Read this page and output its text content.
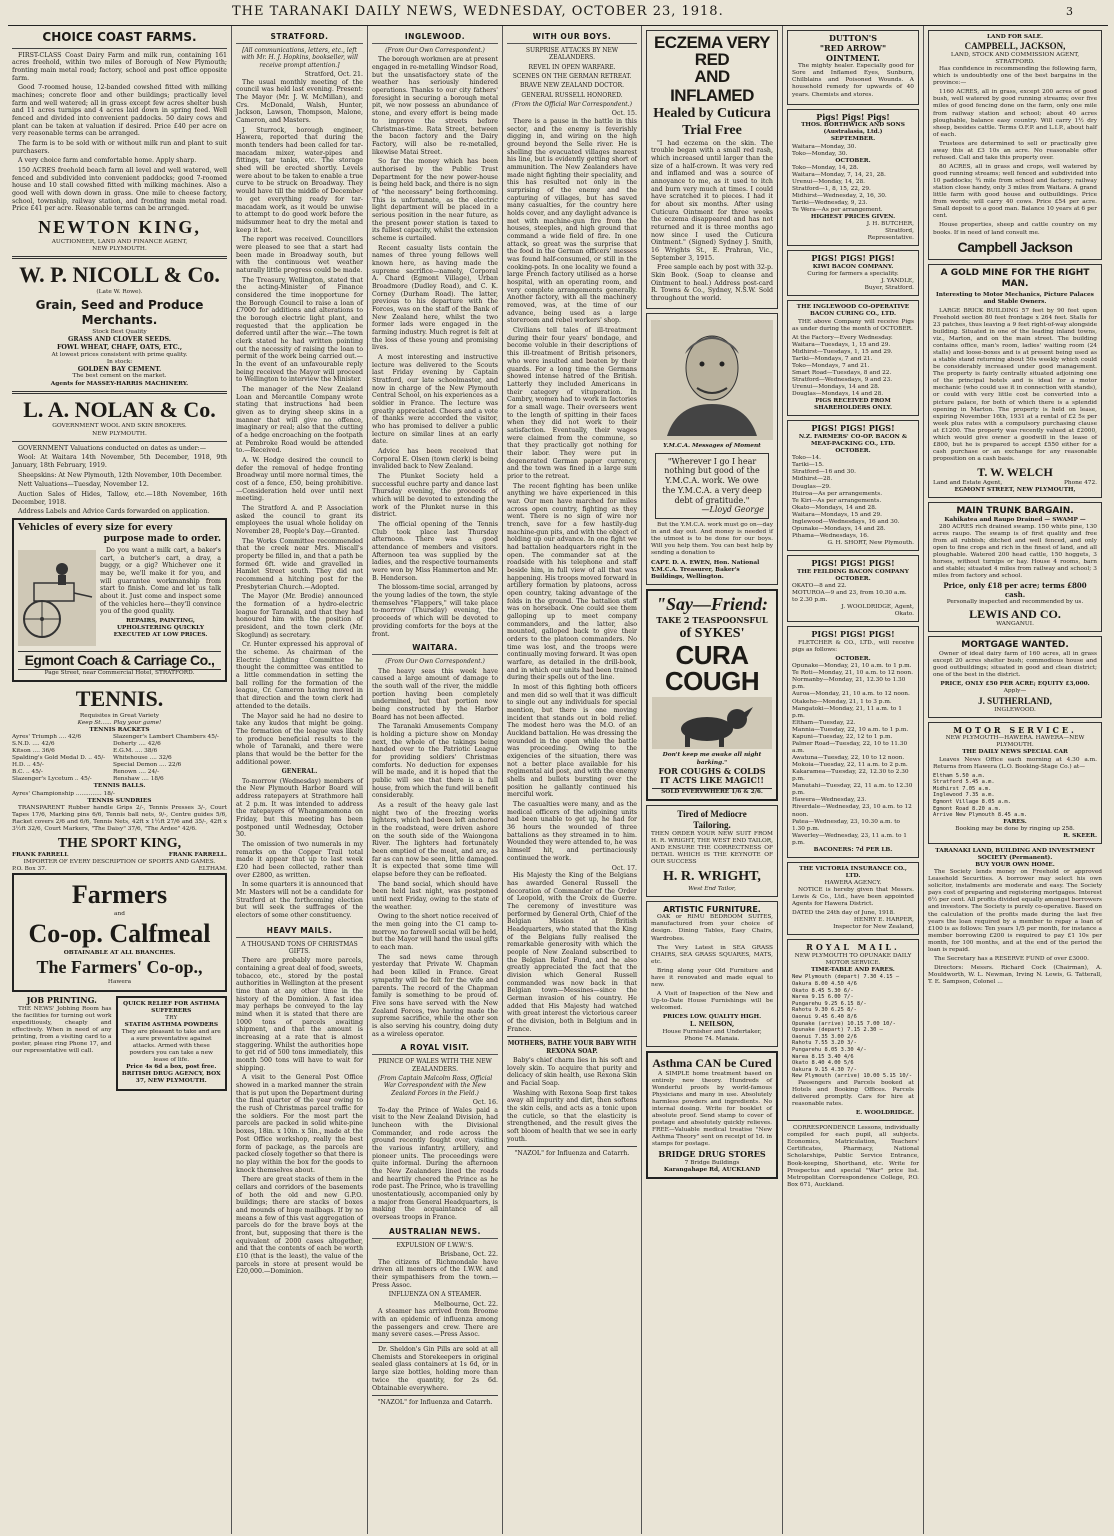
THE TARANAKI DAILY NEWS, WEDNESDAY, OCTOBER 23, 1918.	3
CHOICE COAST FARMS.

FIRST-CLASS Coast Dairy Farm and milk run, containing 161 acres freehold, within two miles of Borough of New Plymouth; fronting main metal road; factory, school and post office opposite farm.

Good 7-roomed house, 12-banded cowshed fitted with milking machines; concrete floor and other buildings; practically level farm and well watered; all in grass except few acres shelter bush and 11 acres turnips and 4 acres laid down in spring feed. Well fenced and divided into convenient paddocks. 50 dairy cows and plant can be taken at valuation if desired. Price £40 per acre on very reasonable terms can be arranged.

The farm is to be sold with or without milk run and plant to suit purchasers.

A very choice farm and comfortable home. Apply sharp.

150 ACRES freehold beach farm all level and well watered, well fenced and subdivided into convenient paddocks; good 7-roomed house and 10 stall cowshed fitted with milking machines. Also a good well with down down in grass. One mile to cheese factory, school, township, railway station, and fronting main metal road. Price £41 per acre. Reasonable terms can be arranged.

NEWTON KING,
AUCTIONEER, LAND AND FINANCE AGENT,
NEW PLYMOUTH.
W. P. NICOLL & Co.
(Late W. Rowe).
Grain, Seed and Produce Merchants.
Stock Best Quality
GRASS AND CLOVER SEEDS.
FOWL WHEAT, CHAFF, OATS, ETC.,
At lowest prices consistent with prime quality.
In stock:
GOLDEN BAY CEMENT.
The best cement on the market.
Agents for MASSEY-HARRIS MACHINERY.
L. A. NOLAN & Co.
GOVERNMENT WOOL AND SKIN BROKERS.
NEW PLYMOUTH.

GOVERNMENT Valuations conducted on dates as under:—

Wool: At Waitara 14th November, 5th December, 1918, 9th January, 18th February, 1919.

Sheepskins: At New Plymouth, 12th November, 10th December.

Nett Valuations—Tuesday, November 12.

Auction Sales of Hides, Tallow, etc.—18th November, 16th December, 1918.

Address Labels and Advice Cards forwarded on application.

Vehicles of every size for every
purpose made to order.

Do you want a milk cart, a baker's cart, a butcher's cart, a dray, a buggy, or a gig? Whichever one it may be, we'll make it for you, and will guarantee workmanship from start to finish. Come and let us talk about it. Just come and inspect some of the vehicles here—they'll convince you of the good quality.

REPAIRS, PAINTING, UPHOLSTERING QUICKLY EXECUTED AT LOW PRICES.
Egmont Coach & Carriage Co.,
Page Street, near Commercial Hotel, STRATFORD.
TENNIS.
Requisites in Great Variety
Keep St...... Play your game!
TENNIS RACKETS
Ayres' Triumph .... 42/6
S.N.D. .... 42/6
Kitson .... 36/6
Spalding's Gold Medal D. .. 45/-
H.D. .. 45/-
B.C. .. 45/-
Slazenger's Lycetum .. 45/-
Slazenger's Lambert Chambers 45/-
Doherty .... 42/6
E.G.M. .... 38/6
Whitehouse .... 32/6
Special Demon .... 22/6
Renown .... 24/-
Renshaw .... 18/6
TENNIS BALLS.
Ayres' Championship .............. 18/-
TENNIS SUNDRIES

TRANSPARENT Rubber handle Grips 2/-, Tennis Presses 3/-, Court Tapes 17/6, Marking pins 6/6, Tennis ball nets, 9/-, Centre guides 5/6, Racket covers 2/6 and 6/6, Tennis Nets, 42ft x 1½ft 27/6 and 35/-, 42ft x 3½ft 32/6, Court Markers, "The Daisy" 37/6, "The Ardee" 42/6.

THE SPORT KING,
FRANK FARRELL	FRANK FARRELL.
IMPORTER OF EVERY DESCRIPTION OF SPORTS AND GAMES.
P.O. Box 37.	ELTHAM.
Farmers
and
Co-op. Calfmeal
OBTAINABLE AT ALL BRANCHES.
The Farmers' Co-op.,
Hawera
JOB PRINTING.

THE NEWS' Jobbing Room has the facilities for turning out work expeditiously, cheaply and effectively. When in need of any printing, from a visiting card to a poster, please ring Phone 17, and our representative will call.

QUICK RELIEF FOR ASTHMA SUFFERERS
TRY
STATIM ASTHMA POWDERS
They are pleasant to take and are a sure preventative against attacks. Armed with these powders you can take a new lease of life.
Price 4s 6d a box, post free.
BRITISH DRUG AGENCY, BOX 37, NEW PLYMOUTH.
STRATFORD.
[All communications, letters, etc., left with Mr. H. J. Hopkins, bookseller, will receive prompt attention.]
Stratford, Oct. 21.

The usual monthly meeting of the council was held last evening. Present: The Mayor (Mr. J. W. McMillan), and Crs. McDonald, Walsh, Hunter, Jackson, Lawson, Thompson, Malone, Cameron, and Masters.

J. Sturrock, borough engineer, Hawera, reported that during the month tenders had been called for tar-macadam mixer, water-pipes and fittings, tar tanks, etc. The storage shed will be erected shortly. Levels were about to be taken to enable a true curve to be struck on Broadway. They would have till the middle of December to get everything ready for tar-macadam work, as it would be unwise to attempt to do good work before the midsummer heat to dry the metal and keep it hot.

The report was received. Councillors were pleased to see that a start had been made in Broadway south, but with the continuous wet weather naturally little progress could be made.

The Treasury, Wellington, stated that the acting-Minister of Finance considered the time inopportune for the Borough Council to raise a loan of £7000 for additions and alterations to the borough electric light plant, and requested that the application be deferred until after the war.—The town clerk stated he had written pointing out the necessity of raising the loan to permit of the work being carried out.—In the event of an unfavourable reply being received the Mayor will proceed to Wellington to interview the Minister.

The manager of the New Zealand Loan and Mercantile Company wrote stating that instructions had been given as to drying sheep skins in a manner that will give no offence, imaginary or real; also that the cutting of a hedge encroaching on the footpath at Pembroke Road would be attended to.—Received.

A. W. Hodge desired the council to defer the removal of hedge fronting Broadway until more normal times, the cost of a fence, £50, being prohibitive.—Consideration held over until next meeting.

The Stratford A. and P. Association asked the council to grant its employees the usual whole holiday on November 28, People's Day.—Granted.

The Works Committee recommended that the creek near Mrs. Miscall's property be filled in, and that a path be formed 6ft. wide and gravelled in Hamlet Street south. They did not recommend a hitching post for the Presbyterian Church.—Adopted.

The Mayor (Mr. Brodie) announced the formation of a hydro-electric league for Taranaki, and that they had honoured him with the position of president, and the town clerk (Mr. Skoglund) as secretary.

Cr. Hunter expressed his approval of the scheme. As chairman of the Electric Lighting Committee he thought the committee was entitled to a little commendation in setting the ball rolling for the formation of the league, Cr. Cameron having moved in that direction and the town clerk had attended to the details.

The Mayor said he had no desire to take any kudos that might be going. The formation of the league was likely to produce beneficial results to the whole of Taranaki, and there were plans that would be the better for the additional power.

GENERAL.

To-morrow (Wednesday) members of the New Plymouth Harbor Board will address ratepayers at Strathmore hall at 2 p.m. It was intended to address the ratepayers of Whangamomona on Friday, but this meeting has been postponed until Wednesday, October 30.

The omission of two numerals in my remarks on the Copper Trail total made it appear that up to last week £20 had been collected, rather than over £2800, as written.

In some quarters it is announced that Mr. Masters will not be a candidate for Stratford at the forthcoming election but will seek the suffrages of the electors of some other constituency.

HEAVY MAILS.
A THOUSAND TONS OF CHRISTMAS GIFTS.

There are probably more parcels, containing a great deal of food, sweets, tobacco, etc., stored by the postal authorities in Wellington at the present time than at any other time in the history of the Dominion. A fast idea may perhaps be conveyed to the lay mind when it is stated that there are 1000 tons of parcels awaiting shipment, and that the amount is increasing at a rate that is almost staggering. Whilst the authorities hope to get rid of 500 tons immediately, this month 500 tons will have to wait for shipping.

A visit to the General Post Office showed in a marked manner the strain that is put upon the Department during the final quarter of the year owing to the rush of Christmas parcel traffic for the soldiers. For the most part the parcels are packed in solid white-pine boxes, 18in. x 10in. x 5in., made at the Post Office workshop, really the best form of package, as the parcels are packed closely together so that there is no play within the box for the goods to knock themselves about.

There are great stacks of them in the cellars and corridors of the basements of both the old and new G.P.O. buildings; there are stacks of boxes and mounds of huge mailbags. If by no means a few of this vast aggregation of parcels do for the brave boys at the front, but, supposing that there is the equivalent of 2000 cases altogether, and that the contents of each be worth £10 (that is the least), the value of the parcels in store at present would be £20,000.—Dominion.

INGLEWOOD.
(From Our Own Correspondent.)

The borough workmen are at present engaged in re-metalling Windsor Road, but the unsatisfactory state of the weather has seriously hindered operations. Thanks to our city fathers' foresight in securing a borough metal pit, we now possess an abundance of stone, and every effort is being made to improve the streets before Christmas-time. Rata Street, between the bacon factory and the Dairy Factory, will also be re-metalled, likewise Matai Street.

So far the money which has been authorised by the Public Trust Department for the new power-house is being held back, and there is no sign of "the necessary" being forthcoming. This is unfortunate, as the electric light department will be placed in a serious position in the near future, as the present power station is taxed to its fullest capacity, whilst the extension scheme is curtailed.

Recent casualty lists contain the names of three young fellows well known here, as having made the supreme sacrifice—namely, Corporal A. Chard (Egmont Village), Urban Broadmore (Dudley Road), and C. K. Corney (Durham Road). The latter, previous to his departure with the Forces, was on the staff of the Bank of New Zealand here, whilst the two former lads were engaged in the farming industry. Much regret is felt at the loss of these young and promising lives.

A most interesting and instructive lecture was delivered to the Scouts last Friday evening by Captain Stratford, our late schoolmaster, and now in charge of the New Plymouth Central School, on his experiences as a soldier in France. The lecture was greatly appreciated. Cheers and a vote of thanks were accorded the visitor, who has promised to deliver a public lecture on similar lines at an early date.

Advice has been received that Corporal E. Olsen (town clerk) is being invalided back to New Zealand.

The Plunket Society held a successful euchre party and dance last Thursday evening, the proceeds of which will be devoted to extending the work of the Plunket nurse in this district.

The official opening of the Tennis Club took place last Thursday afternoon. There was a good attendance of members and visitors. Afternoon tea was supplied by the ladies, and the respective tournaments were won by Miss Hammerton and Mr. B. Henderson.

The blossom-time social, arranged by the young ladies of the town, the style themselves "Flappers," will take place to-morrow (Thursday) evening, the proceeds of which will be devoted to providing comforts for the boys at the front.

WAITARA.
(From Our Own Correspondent.)

The heavy seas this week have caused a large amount of damage to the south wall of the river, the middle portion having been completely undermined, but that portion now being constructed by the Harbor Board has not been affected.

The Taranaki Amusements Company is holding a picture show on Monday next, the whole of the takings being handed over to the Patriotic League for providing soldiers' Christmas comforts. No deduction for expenses will be made, and it is hoped that the public will see that there is a full house, from which the fund will benefit considerably.

As a result of the heavy gale last night two of the freezing works lighters, which had been left anchored in the roadstead, were driven ashore on the south side of the Waiongona River. The lighters had fortunately been emptied of the meat, and are, as far as can now be seen, little damaged. It is expected that some time will elapse before they can be refloated.

The band social, which should have been held last night, was postponed until next Friday, owing to the state of the weather.

Owing to the short notice received of the men going into the C1 camp to-morrow, no farewell social will be held, but the Mayor will hand the usual gifts to each man.

The sad news came through yesterday that Private W. Chapman had been killed in France. Great sympathy will be felt for the wife and parents. The record of the Chapman family is something to be proud of. Five sons have served with the New Zealand Forces, two having made the supreme sacrifice, while the other son is also serving his country, doing duty as a wireless operator.

A ROYAL VISIT.
PRINCE OF WALES WITH THE NEW ZEALANDERS.
(From Captain Malcolm Ross, Official War Correspondent with the New Zealand Forces in the Field.)
Oct. 16.

To-day the Prince of Wales paid a visit to the New Zealand Division, had luncheon with the Divisional Commander, and rode across the ground recently fought over, visiting the various infantry, artillery, and pioneer units. The proceedings were quite informal. During the afternoon the New Zealanders lined the roads and heartily cheered the Prince as he rode past. The Prince, who is travelling unostentatiously, accompanied only by a major from General Headquarters, is making the acquaintance of all overseas troops in France.

AUSTRALIAN NEWS.
EXPULSION OF I.W.W.'S.
Brisbane, Oct. 22.

The citizens of Richmondale have driven all members of the I.W.W. and their sympathisers from the town.—Press Assoc.

INFLUENZA ON A STEAMER.
Melbourne, Oct. 22.

A steamer has arrived from Broome with an epidemic of influenza among the passengers and crew. There are many severe cases.—Press Assoc.

Dr. Sheldon's Gin Pills are sold at all Chemists and Storekeepers in original sealed glass containers at 1s 6d, or in large size bottles, holding more than twice the quantity, for 2s 6d. Obtainable everywhere.

"NAZOL" for Influenza and Catarrh.
WITH OUR BOYS.
SURPRISE ATTACKS BY NEW ZEALANDERS.
REVEL IN OPEN WARFARE.
SCENES ON THE GERMAN RETREAT.
BRAVE NEW ZEALAND DOCTOR.
GENERAL RUSSELL HONORED.
(From the Official War Correspondent.)
Oct. 15.

There is a pause in the battle in this sector, and the enemy is feverishly digging in, and wiring on the high ground beyond the Selle river. He is shelling the evacuated villages nearest his line, but is evidently getting short of ammunition. The New Zealanders have made night fighting their speciality, and this has resulted not only in the surprising of the enemy and the capturing of villages, but has saved many casualties, for the country here holds cover, and any daylight advance is met with machine-gun fire from the houses, steeples, and high ground that command a wide field of fire. In one attack, so great was the surprise that the food in the German officers' messes was found half-consumed, or still in the cooking-pots. In one locality we found a large French factory utilised as a horse hospital, with an operating room, and very complete arrangements generally. Another factory, with all the machinery removed, was, at the time of our advance, being used as a large storeroom and rebel workers' shop.

Civilians tell tales of ill-treatment during their four years' bondage, and become voluble in their descriptions of this ill-treatment of British prisoners, who were insulted and beaten by their guards. For a long time the Germans showed intense hatred of the British. Latterly they included Americans in their category of vituperation. In Cambry, women had to work in factories for a small wage. Their overseers went to the length of spitting in their faces when they did not work to their satisfaction. Eventually, their wages were claimed from the commune, so that they practically got nothing for their labor. They were put in degenerated German paper currency, and the town was fined in a large sum prior to the retreat.

The recent fighting has been unlike anything we have experienced in this war. Our men have marched for miles across open country, fighting as they went. There is no sign of wire nor trench, save for a few hastily-dug machine-gun pits, and with the object of holding up our advance. In one fight we had battalion headquarters right in the open. The commander sat at the roadside with his telephone and staff beside him, in full view of all that was happening. His troops moved forward in artillery formation by platoons, across open country, taking advantage of the folds in the ground. The battalion staff was on horseback. One could see them galloping up to meet company commanders, and the latter, also mounted, galloped back to give their orders to the platoon commanders. No time was lost, and the troops were continually moving forward. It was open warfare, as detailed in the drill-book, and in which our units had been trained during their spells out of the line.

In most of this fighting both officers and men did so well that it was difficult to single out any individuals for special mention, but there is one moving incident that stands out in bold relief. The modest hero was the M.O. of an Auckland battalion. He was dressing the wounded in the open while the battle was proceeding. Owing to the exigencies of the situation, there was not a better place available for his regimental aid post, and with the enemy shells and bullets bursting over the position he gallantly continued his merciful work.

The casualties were many, and as the medical officers of the adjoining units had been unable to get up, he had for 36 hours the wounded of three battalions as they streamed in to him. Wounded they were attended to, he was himself hit, and pertinaciously continued the work.

Oct. 17.

His Majesty the King of the Belgians has awarded General Russell the decoration of Commander of the Order of Leopold, with the Croix de Guerre. The ceremony of investiture was performed by General Orth, Chief of the Belgian Mission at British Headquarters, who stated that the King of the Belgians fully realised the remarkable generosity with which the people of New Zealand subscribed to the Belgian Relief Fund, and he also greatly appreciated the fact that the division which General Russell commanded was now back in that Belgian town—Messines—since the German invasion of his country. He added that His Majesty had watched with great interest the victorious career of the division, both in Belgium and in France.

MOTHERS, BATHE YOUR BABY WITH REXONA SOAP.

Baby's chief charm lies in his soft and lovely skin. To acquire that purity and delicacy of skin health, use Rexona Skin and Facial Soap.

Washing with Rexona Soap first takes away all impurity and dirt, then softens the skin cells, and acts as a tonic upon the cuticle, so that the elasticity is strengthened, and the result gives the soft bloom of health that we see in early youth.

"NAZOL" for Influenza and Catarrh.
ECZEMA VERY RED
AND INFLAMED
Healed by Cuticura
Trial Free

"I had eczema on the skin. The trouble began with a small red rash, which increased until larger than the size of a half-crown. It was very red and inflamed and was a source of annoyance to me, as it used to itch and burn very much at times. I could have scratched it to pieces. I had it for about six months. After using Cuticura Ointment for three weeks the eczema disappeared and has not returned and it is three months ago now since I used the Cuticura Ointment." (Signed) Sydney J. Smith, 16 Wrights St., E. Prahran, Vic., September 3, 1915.

Free sample each by post with 32-p. Skin Book. (Soap to cleanse and Ointment to heal.) Address post-card R. Towns & Co., Sydney, N.S.W. Sold throughout the world.

Y.M.C.A. Messages of Moment
"Wherever I go I hear nothing but good of the Y.M.C.A. work. We owe the Y.M.C.A. a very deep debt of gratitude."
—Lloyd George

But the Y.M.C.A. work must go on—day in and day out. And money is needed if the utmost is to be done for our boys. Will you help them. You can best help by sending a donation to

CAPT. D. A. EWEN, Hon. National Y.M.C.A. Treasurer, Baker's Buildings, Wellington.
"Say—Friend:
TAKE 2 TEASPOONSFUL
of SYKES'
CURA
COUGH
Don't keep me awake all night barking."
FOR COUGHS & COLDS
IT ACTS LIKE MAGIC!!
SOLD EVERYWHERE 1/6 & 2/6.
Tired of Mediocre
Tailoring.

THEN ORDER YOUR NEW SUIT FROM H. R. WRIGHT, THE WEST END TAILOR, AND ENSURE THE CORRECTNESS OF DETAIL WHICH IS THE KEYNOTE OF OUR SUCCESS

H. R. WRIGHT,
West End Tailor,
ARTISTIC FURNITURE.

OAK or RIMU BEDROOM SUITES, manufactured from your choice of design. Dining Tables, Easy Chairs, Wardrobes.

The Very Latest in SEA GRASS CHAIRS, SEA GRASS SQUARES, MATS, etc.

Bring along your Old Furniture and have it renovated and made equal to new.

A Visit of Inspection of the New and Up-to-Date House Furnishings will be welcomed.

PRICES LOW. QUALITY HIGH.
L. NEILSON,
House Furnisher and Undertaker,
Phone 74. Manaia.
Asthma CAN be Cured

A SIMPLE home treatment based on entirely new theory. Hundreds of Wonderful proofs by world-famous Physicians and many in use. Absolutely harmless powders and ingredients. No internal dosing. Write for booklet of absolute proof. Send stamp to cover of postage and absolutely quickly relieves. FREE—Valuable medical treatise "New Asthma Theory" sent on receipt of 1d. in stamps for postage.

BRIDGE DRUG STORES
7 Bridge Buildings
Karangahape Rd, AUCKLAND
DUTTON'S
"RED ARROW"
OINTMENT.

The mighty healer. Especially good for Sore and Inflamed Eyes, Sunburn, Chilblains and Poisoned Wounds. A household remedy for upwards of 40 years. Chemists and stores.

Pigs! Pigs! Pigs!
THOS. BORTHWICK AND SONS (Australasia, Ltd.)
SEPTEMBER.
Waitara—Monday, 30.
Toko—Monday, 30.
OCTOBER.
Toko—Monday, 14, 28.
Waitara—Monday, 7, 14, 21, 28.
Urenui—Monday, 14, 28.
Stratford—1, 8, 15, 22, 29.
Midhirst—Wednesday, 2, 16, 30.
Tariki—Wednesday, 9, 23.
Te Wera—As per arrangement.
HIGHEST PRICES GIVEN.
J. H. BUTCHER,
Stratford,
Representative.
PIGS! PIGS! PIGS!
KIWI BACON COMPANY.
Curing for farmers a speciality.
J. YANDLE,
Buyer, Stratford.
THE INGLEWOOD CO-OPERATIVE BACON CURING CO., LTD.

THE above Company will receive Pigs as under during the month of OCTOBER.

At the Factory—Every Wednesday.
Waitara—Tuesdays, 1, 15 and 29.
Midhirst—Tuesdays, 1, 15 and 29.
Tariki—Mondays, 7 and 21.
Toko—Mondays, 7 and 21.
Smart Road—Tuesdays, 8 and 22.
Stratford—Wednesdays, 9 and 23.
Urenui—Mondays, 14 and 28.
Douglas—Mondays, 14 and 28.
PIGS RECEIVED FROM SHAREHOLDERS ONLY.
PIGS! PIGS! PIGS!
N.Z. FARMERS' CO-OP. BACON & MEAT-PACKING CO., LTD.
OCTOBER.
Toko—14.
Tariki—15.
Stratford—16 and 30.
Midhirst—28.
Douglas—29.
Huiroa—As per arrangements.
Te Kiri—As per arrangements.
Okato—Mondays, 14 and 28.
Waitara—Mondays, 15 and 29.
Inglewood—Wednesdays, 16 and 30.
Opunake—Mondays, 14 and 28.
Pihama—Wednesdays, 16.
G. H. SHORT, New Plymouth.
PIGS! PIGS! PIGS!
THE FEILDING BACON COMPANY
OCTOBER.
OKATO—8 and 22.
MOTUROA—9 and 23, from 10.30 a.m. to 2.30 p.m.
J. WOOLDRIDGE, Agent,
Okato.
PIGS! PIGS! PIGS!

FLETCHER & CO., LTD., will receive pigs as follows:

OCTOBER.
Opunake—Monday, 21, 10 a.m. to 1 p.m.
Te Roti—Monday, 21, 10 a.m. to 12 noon.
Normanby—Monday, 21, 12.30 to 1.30 p.m.
Auroa—Monday, 21, 10 a.m. to 12 noon.
Otakeho—Monday, 21, 1 to 3 p.m.
Mangatoki—Monday, 21, 11 a.m. to 1 p.m.
Eltham—Tuesday, 22.
Mannia—Tuesday, 22, 10 a.m. to 1 p.m.
Kapuni—Tuesday, 22, 12 to 1 p.m.
Palmer Road—Tuesday, 22, 10 to 11.30 a.m.
Awatuna—Tuesday, 22, 10 to 12 noon.
Mokoia—Tuesday, 22, 11 a.m. to 2 p.m.
Kakaramea—Tuesday, 22, 12.30 to 2.30 p.m.
Manutahi—Tuesday, 22, 11 a.m. to 12.30 p.m.
Hawera—Wednesday, 23.
Riverdale—Wednesday, 23, 10 a.m. to 12 noon.
Patea—Wednesday, 23, 10.30 a.m. to 1.30 p.m.
Waverley—Wednesday, 23, 11 a.m. to 1 p.m.
BACONERS: 7d PER LB.
THE VICTORIA INSURANCE CO., LTD.
HAWERA AGENCY.

NOTICE is hereby given that Messrs. Lewis & Co., Ltd., have been appointed Agents for Hawera District.

DATED the 24th day of June, 1918.
HENRY E. HARPER,
Inspector for New Zealand,
ROYAL MAIL.
NEW PLYMOUTH TO OPUNAKE DAILY MOTOR SERVICE.
TIME-TABLE AND FARES.
New Plymouth (depart) 7.30 4.15 —
Oakura 8.00 4.50 4/6
Okato 8.45 5.30 6/-
Warea 9.15 6.00 7/-
Pungarehu 9.25 6.15 8/-
Rahotu 9.30 6.25 8/-
Oaonui 9.45 6.40 8/6
Opunake (arrive) 10.15 7.00 10/-
Opunake (depart) 7.15 2.30 —
Oaonui 7.35 3.00 2/6
Rahotu 7.55 3.20 3/-
Pungarehu 8.05 3.30 4/-
Warea 8.15 3.40 4/6
Okato 8.40 4.00 5/6
Oakura 9.15 4.30 7/-
New Plymouth (arrive) 10.00 5.15 10/-

Passengers and Parcels booked at Hotels and Booking Offices. Parcels delivered promptly. Cars for hire at reasonable rates.

E. WOOLDRIDGE.

CORRESPONDENCE Lessons, individually compiled for each pupil, all subjects. Economics, Matriculation, Teachers' Certificates, Pharmacy, National Scholarships, Public Service Entrance, Book-keeping, Shorthand, etc. Write for Prospectus and special "War" price list. Metropolitan Correspondence College, P.O. Box 671, Auckland.

LAND FOR SALE.
CAMPBELL, JACKSON,
LAND, STOCK AND COMMISSION AGENT, STRATFORD.

Has confidence in recommending the following farm, which is undoubtedly one of the best bargains in the province:—

1160 ACRES, all in grass, except 200 acres of good bush, well watered by good running streams; over five miles of good fencing done on the farm, only one mile from railway station and school; about 40 acres ploughable, balance easy country. Will carry 1½ dry sheep, besides cattle. Terms O.F.P. and L.I.P., about half of each.

Trustees are determined to sell or practically give away this at £3 10s an acre. No reasonable offer refused. Call and take this property over.

80 ACRES, all in grass and crops, well watered by good running streams; well fenced and subdivided into 10 paddocks; ¾ mile from school and factory; railway station close handy, only 3 miles from Waitara. A grand little farm with good house and outbuildings. Price from words; will carry 40 cows. Price £54 per acre. Small deposit to a good man. Balance 10 years at 6 per cent.

House properties, sheep and cattle country on my books. If in need of land consult me.

Campbell Jackson
A GOLD MINE FOR THE RIGHT MAN.
Interesting to Motor Mechanics, Picture Palaces and Stable Owners.

LARGE BRICK BUILDING 57 feet by 90 feet upon Freehold section 80 feet frontage x 264 feet. Stalls for 23 patches, thus leaving a 9 feet right-of-way alongside building. Situated in one of the leading inland towns, viz., Marton, and on the main street. The building contains office, man's room, ladies' waiting room (24 stalls) and loose-boxes and is at present being used as a stable stand returning about 50s weekly which could be considerably increased under good management. The property is fairly centrally situated adjoining one of the principal hotels and is ideal for a motor mechanic (who could use it in connection with stands), or could with very little cost be converted into a picture palace, for both of which there is a splendid opening in Marton. The property is held on lease, expiring November 16th, 1931 at a rental of £2 5s per week plus rates with a compulsory purchasing clause at £1200. The property was recently valued at £2000, which would give owner a goodwill in the lease of £800, but he is prepared to accept £550 either for a cash purchase or an exchange for any reasonable proposition on a cash basis.

T. W. WELCH
Land and Estate Agent,	Phone 472.
EGMONT STREET, NEW PLYMOUTH,
MAIN TRUNK BARGAIN.
Kahikatea and Raupo Drained — SWAMP —

280 ACRES rich drained swamp. 150 white pine, 130 acres raupo. The swamp is of first quality and free from all rubbish; ditched and well fenced, and only open to fine crops and rich in the finest of land, and all ploughable. Watered 200 head cattle, 150 hoggets, 3 horses, without turnips or hay. House 4 rooms, barn and stable; situated 4 miles from railway and school; 3 miles from factory and school.

Price, only £18 per acre; terms £800 cash.
Personally inspected and recommended by us.
LEWIS AND CO.
WANGANUI.
MORTGAGE WANTED.

Owner of ideal dairy farm of 160 acres, all in grass except 20 acres shelter bush; commodious house and good outbuildings; situated in good and clean district; one of the best in the district.

PRICE, ONLY £50 PER ACRE; EQUITY £3,000.
Apply—
J. SUTHERLAND,
INGLEWOOD.
MOTOR SERVICE.
NEW PLYMOUTH—HAWERA. HAWERA—NEW PLYMOUTH.
THE DAILY NEWS SPECIAL CAR

Leaves News Office each morning at 4.30 a.m. Returns from Hawera (L.O. Booking-Stage Co.) at—

Eltham 5.50 a.m.
Stratford 5.45 a.m.
Midhirst 7.05 a.m.
Inglewood 7.35 a.m.
Egmont Village 8.05 a.m.
Egmont Road 8.20 a.m.
Arrive New Plymouth 8.45 a.m.
FARES.
Booking may be done by ringing up 258.
R. SKEER.
TARANAKI LAND, BUILDING AND INVESTMENT SOCIETY (Permanent).
BUY YOUR OWN HOME.

The Society lends money on Freehold or approved Leasehold Securities. A borrower may select his own solicitor, instalments are moderate and easy. The Society pays cost of preparing and registering mortgages. Interest 6½ per cent. All profits divided equally amongst borrowers and investors. The Society is purely co-operative. Based on the calculation of the profits made during the last five years the loan required by a member to repay a loan of £100 is as follows: Ten years 1/5 per month, for instance a member borrowing £200 is required to pay £1 10s per month, for 100 months, and at the end of the period the loan is repaid.

The Secretary has a RESERVE FUND of over £3000.

Directors: Messrs. Richard Cock (Chairman), A. Mouldworth, W. L. Newman, Irving N. Lewis, G. Tatterall, T. E. Sampson, Colonel ...
